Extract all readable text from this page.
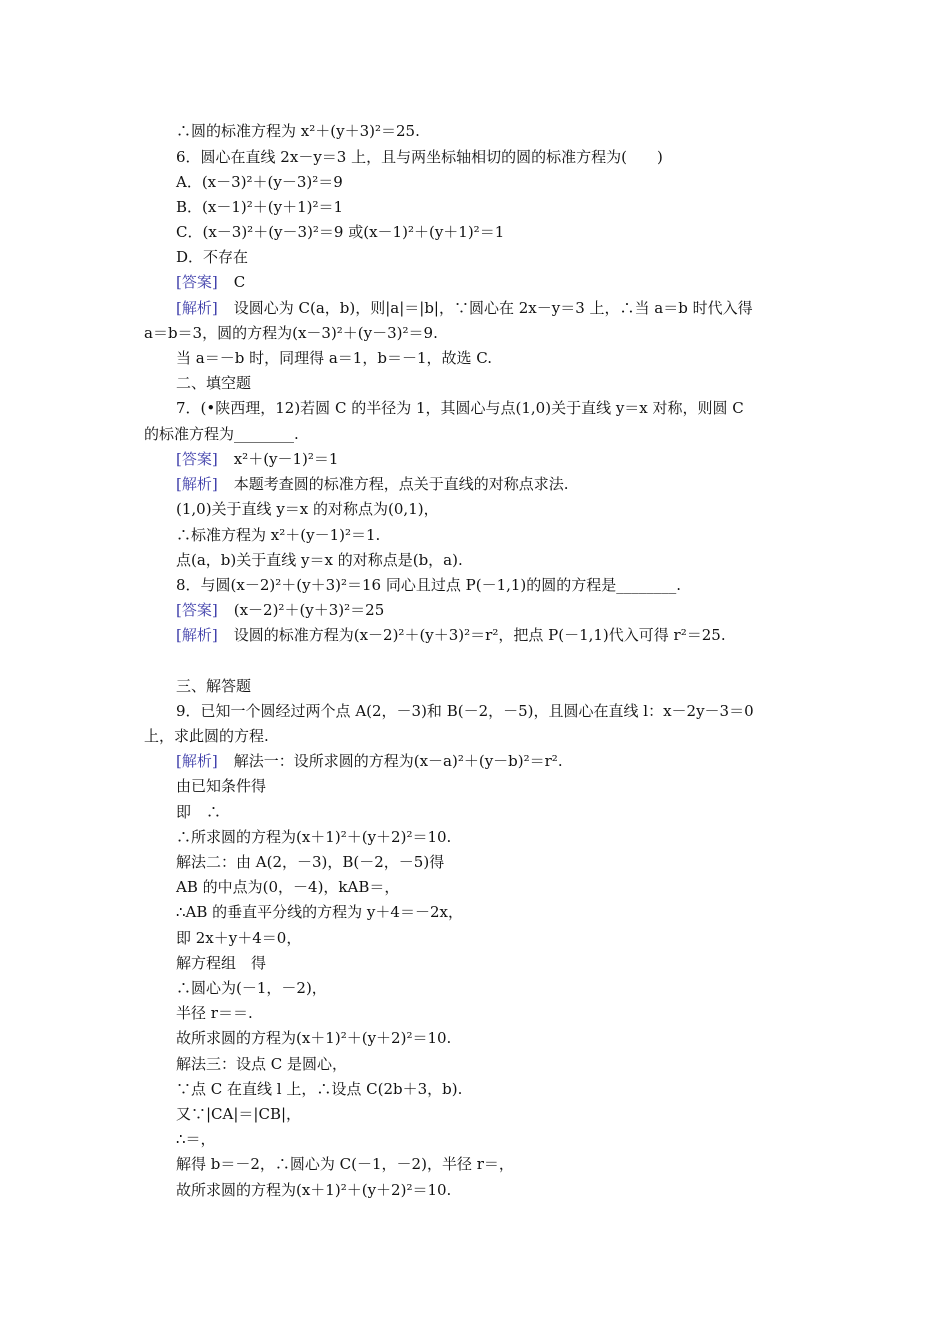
∴圆的标准方程为 x²＋(y＋3)²＝25.
6．圆心在直线 2x－y＝3 上，且与两坐标轴相切的圆的标准方程为(　　)
A．(x－3)²＋(y－3)²＝9
B．(x－1)²＋(y＋1)²＝1
C．(x－3)²＋(y－3)²＝9 或(x－1)²＋(y＋1)²＝1
D．不存在
[答案] C
[解析] 设圆心为 C(a，b)，则|a|＝|b|，∵圆心在 2x－y＝3 上，∴当 a＝b 时代入得
a＝b＝3，圆的方程为(x－3)²＋(y－3)²＝9.
当 a＝－b 时，同理得 a＝1，b＝－1，故选 C.
二、填空题
7．(•陕西理，12)若圆 C 的半径为 1，其圆心与点(1,0)关于直线 y＝x 对称，则圆 C
的标准方程为________.
[答案] x²＋(y－1)²＝1
[解析] 本题考查圆的标准方程，点关于直线的对称点求法.
(1,0)关于直线 y＝x 的对称点为(0,1)，
∴标准方程为 x²＋(y－1)²＝1.
点(a，b)关于直线 y＝x 的对称点是(b，a).
8．与圆(x－2)²＋(y＋3)²＝16 同心且过点 P(－1,1)的圆的方程是________.
[答案] (x－2)²＋(y＋3)²＝25
[解析] 设圆的标准方程为(x－2)²＋(y＋3)²＝r²，把点 P(－1,1)代入可得 r²＝25.
三、解答题
9．已知一个圆经过两个点 A(2，－3)和 B(－2，－5)，且圆心在直线 l：x－2y－3＝0
上，求此圆的方程.
[解析] 解法一：设所求圆的方程为(x－a)²＋(y－b)²＝r².
由已知条件得
即　∴
∴所求圆的方程为(x＋1)²＋(y＋2)²＝10.
解法二：由 A(2，－3)，B(－2，－5)得
AB 的中点为(0，－4)，kAB＝，
∴AB 的垂直平分线的方程为 y＋4＝－2x，
即 2x＋y＋4＝0，
解方程组　得
∴圆心为(－1，－2)，
半径 r＝＝.
故所求圆的方程为(x＋1)²＋(y＋2)²＝10.
解法三：设点 C 是圆心，
∵点 C 在直线 l 上，∴设点 C(2b＋3，b).
又∵|CA|＝|CB|，
∴＝，
解得 b＝－2，∴圆心为 C(－1，－2)，半径 r＝，
故所求圆的方程为(x＋1)²＋(y＋2)²＝10.
